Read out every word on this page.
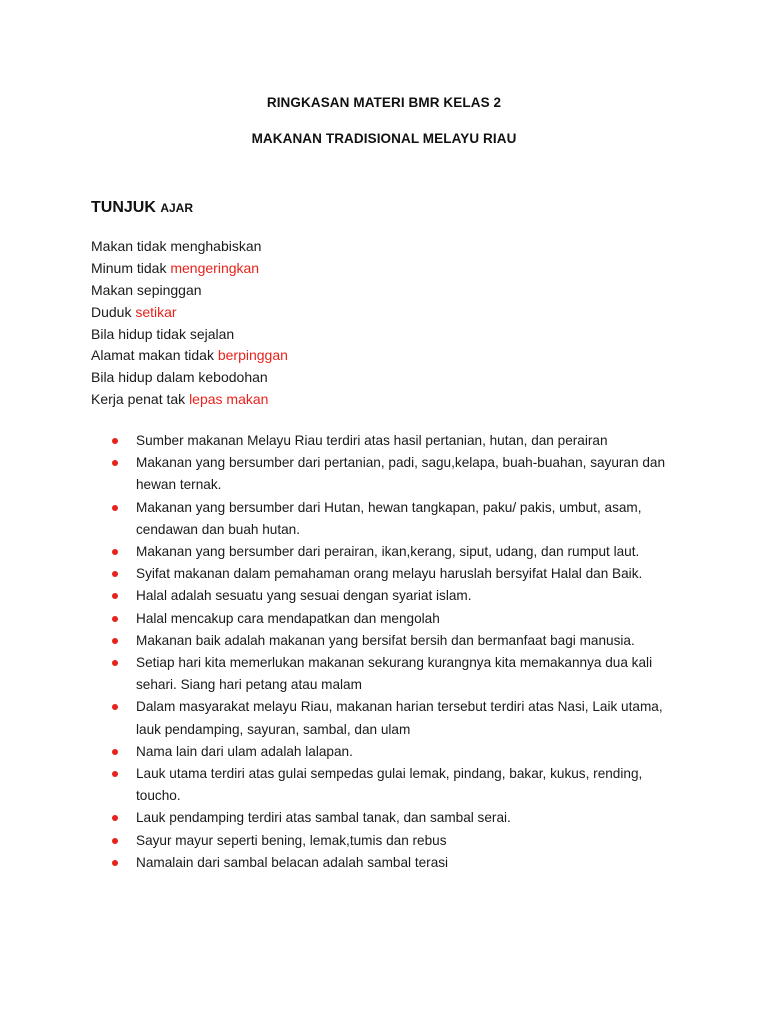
RINGKASAN MATERI BMR KELAS 2
MAKANAN TRADISIONAL MELAYU RIAU
TUNJUK AJAR
Makan tidak menghabiskan
Minum tidak mengeringkan
Makan sepinggan
Duduk setikar
Bila hidup tidak sejalan
Alamat makan tidak berpinggan
Bila hidup dalam kebodohan
Kerja penat tak lepas makan
Sumber makanan Melayu Riau terdiri atas hasil pertanian, hutan, dan perairan
Makanan yang bersumber dari pertanian, padi, sagu,kelapa, buah-buahan, sayuran dan hewan ternak.
Makanan yang bersumber dari Hutan, hewan tangkapan, paku/ pakis, umbut, asam, cendawan dan buah hutan.
Makanan yang bersumber dari perairan, ikan,kerang, siput, udang, dan rumput laut.
Syifat makanan dalam pemahaman orang melayu haruslah bersyifat Halal dan Baik.
Halal adalah sesuatu yang sesuai dengan syariat islam.
Halal mencakup cara mendapatkan dan mengolah
Makanan baik adalah makanan yang bersifat bersih dan bermanfaat bagi manusia.
Setiap hari kita memerlukan makanan sekurang kurangnya kita memakannya dua kali sehari. Siang hari petang atau malam
Dalam masyarakat melayu Riau, makanan harian tersebut terdiri atas Nasi, Laik utama, lauk pendamping, sayuran, sambal, dan ulam
Nama lain dari ulam adalah lalapan.
Lauk utama terdiri atas gulai sempedas gulai lemak, pindang, bakar, kukus, rending, toucho.
Lauk pendamping terdiri atas sambal tanak, dan sambal serai.
Sayur mayur seperti bening, lemak,tumis dan rebus
Namalain dari sambal belacan adalah sambal terasi
